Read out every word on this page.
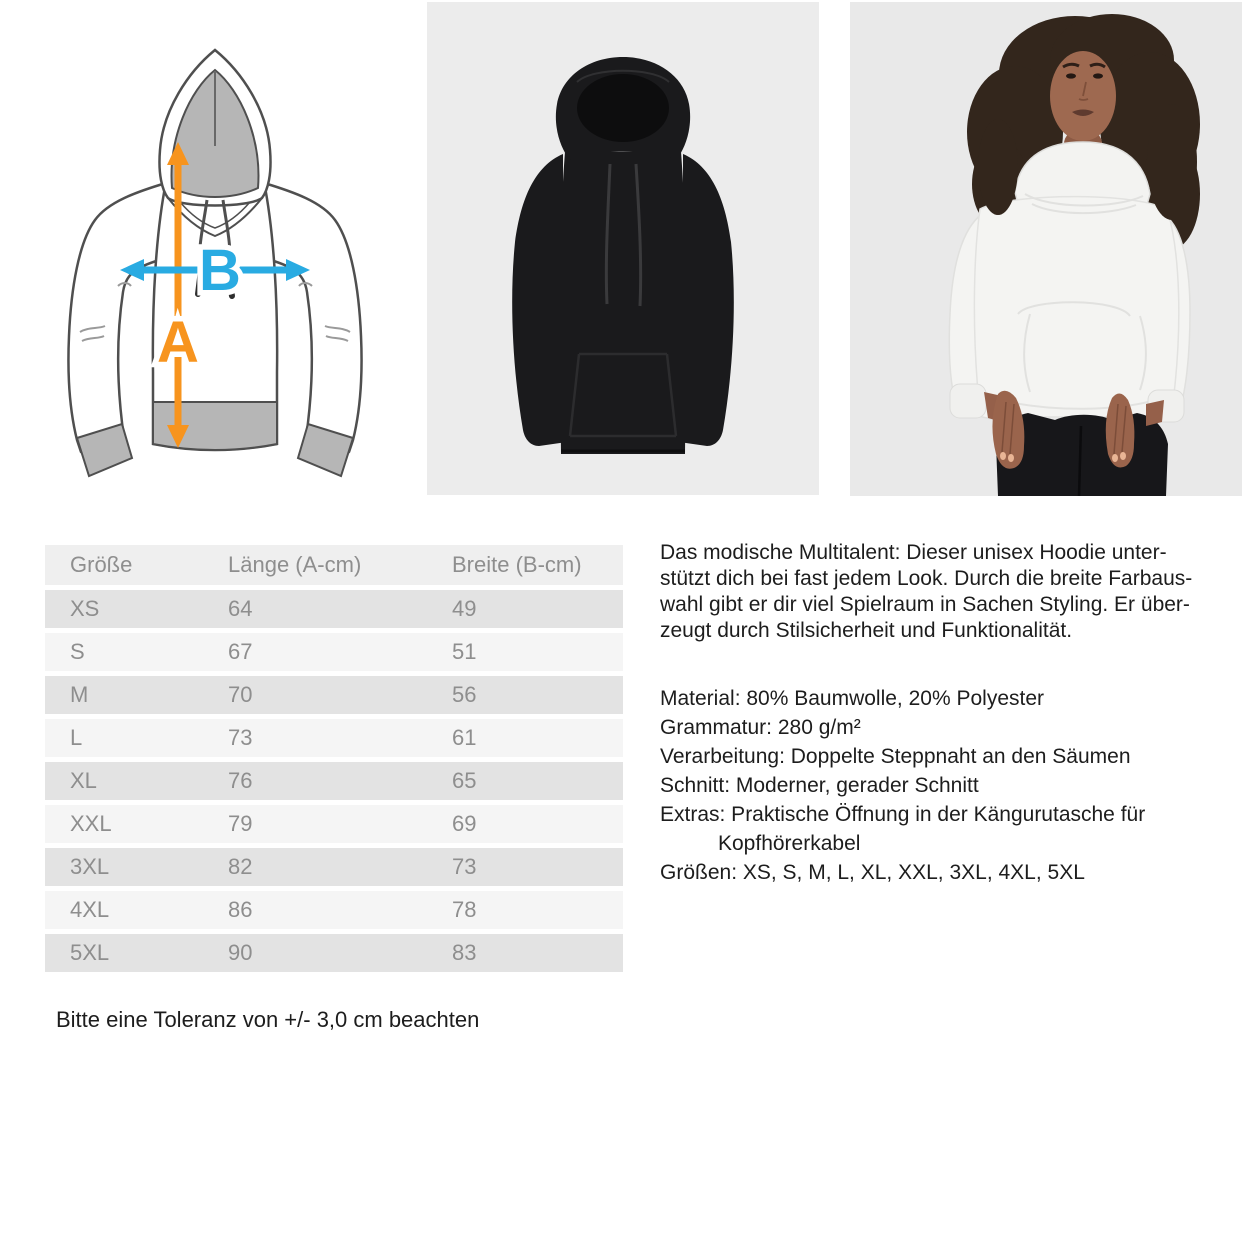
A
B
Größe	Länge (A-cm)	Breite (B-cm)
XS	64	49
S	67	51
M	70	56
L	73	61
XL	76	65
XXL	79	69
3XL	82	73
4XL	86	78
5XL	90	83
Das modische Multitalent: Dieser unisex Hoodie unter-
stützt dich bei fast jedem Look. Durch die breite Farbaus-
wahl gibt er dir viel Spielraum in Sachen Styling. Er über-
zeugt durch Stilsicherheit und Funktionalität.
Material: 80% Baumwolle, 20% Polyester
Grammatur: 280 g/m²
Verarbeitung: Doppelte Steppnaht an den Säumen
Schnitt: Moderner, gerader Schnitt
Extras: Praktische Öffnung in der Kängurutasche für
Kopfhörerkabel
Größen: XS, S, M, L, XL, XXL, 3XL, 4XL, 5XL
Bitte eine Toleranz von +/- 3,0 cm beachten
